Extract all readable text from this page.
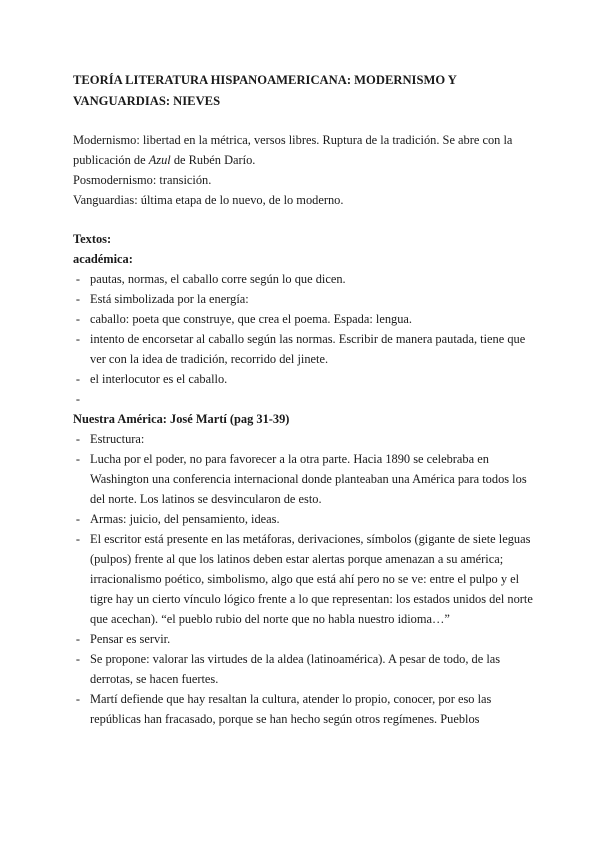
TEORÍA LITERATURA HISPANOAMERICANA: MODERNISMO Y VANGUARDIAS: NIEVES

Modernismo: libertad en la métrica, versos libres. Ruptura de la tradición. Se abre con la publicación de Azul de Rubén Darío.

Posmodernismo: transición.

Vanguardias: última etapa de lo nuevo, de lo moderno.

Textos:

académica:

- pautas, normas, el caballo corre según lo que dicen.
- Está simbolizada por la energía:
- caballo: poeta que construye, que crea el poema. Espada: lengua.
- intento de encorsetar al caballo según las normas. Escribir de manera pautada, tiene que ver con la idea de tradición, recorrido del jinete.
- el interlocutor es el caballo.
-

Nuestra América: José Martí (pag 31-39)

- Estructura:
- Lucha por el poder, no para favorecer a la otra parte. Hacia 1890 se celebraba en Washington una conferencia internacional donde planteaban una América para todos los del norte. Los latinos se desvincularon de esto.
- Armas: juicio, del pensamiento, ideas.
- El escritor está presente en las metáforas, derivaciones, símbolos (gigante de siete leguas (pulpos) frente al que los latinos deben estar alertas porque amenazan a su américa; irracionalismo poético, simbolismo, algo que está ahí pero no se ve: entre el pulpo y el tigre hay un cierto vínculo lógico frente a lo que representan: los estados unidos del norte que acechan). “el pueblo rubio del norte que no habla nuestro idioma…”
- Pensar es servir.
- Se propone: valorar las virtudes de la aldea (latinoamérica). A pesar de todo, de las derrotas, se hacen fuertes.
- Martí defiende que hay resaltan la cultura, atender lo propio, conocer, por eso las repúblicas han fracasado, porque se han hecho según otros regímenes. Pueblos
